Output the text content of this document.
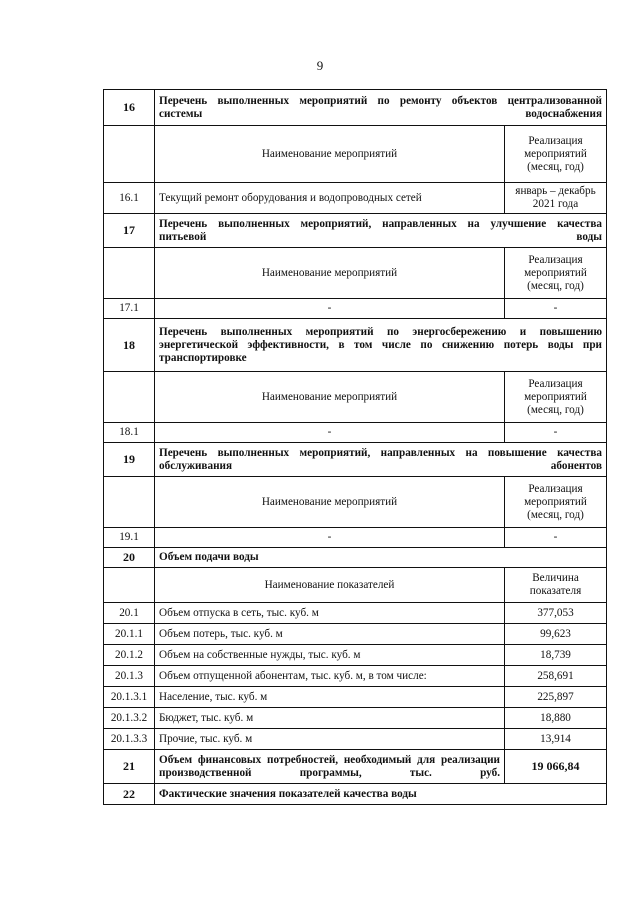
9
16	Перечень выполненных мероприятий по ремонту объектов централизованной системы водоснабжения	
	Наименование мероприятий	Реализация мероприятий (месяц, год)
16.1	Текущий ремонт оборудования и водопроводных сетей	январь – декабрь 2021 года
17	Перечень выполненных мероприятий, направленных на улучшение качества питьевой воды	
	Наименование мероприятий	Реализация мероприятий (месяц, год)
17.1	-	-
18	Перечень выполненных мероприятий по энергосбережению и повышению энергетической эффективности, в том числе по снижению потерь воды при транспортировке	
	Наименование мероприятий	Реализация мероприятий (месяц, год)
18.1	-	-
19	Перечень выполненных мероприятий, направленных на повышение качества обслуживания абонентов	
	Наименование мероприятий	Реализация мероприятий (месяц, год)
19.1	-	-
20	Объем подачи воды	
	Наименование показателей	Величина показателя
20.1	Объем отпуска в сеть, тыс. куб. м	377,053
20.1.1	Объем потерь, тыс. куб. м	99,623
20.1.2	Объем на собственные нужды, тыс. куб. м	18,739
20.1.3	Объем отпущенной абонентам, тыс. куб. м, в том числе:	258,691
20.1.3.1	Население, тыс. куб. м	225,897
20.1.3.2	Бюджет, тыс. куб. м	18,880
20.1.3.3	Прочие, тыс. куб. м	13,914
21	Объем финансовых потребностей, необходимый для реализации производственной программы, тыс. руб.	19 066,84
22	Фактические значения показателей качества воды	
